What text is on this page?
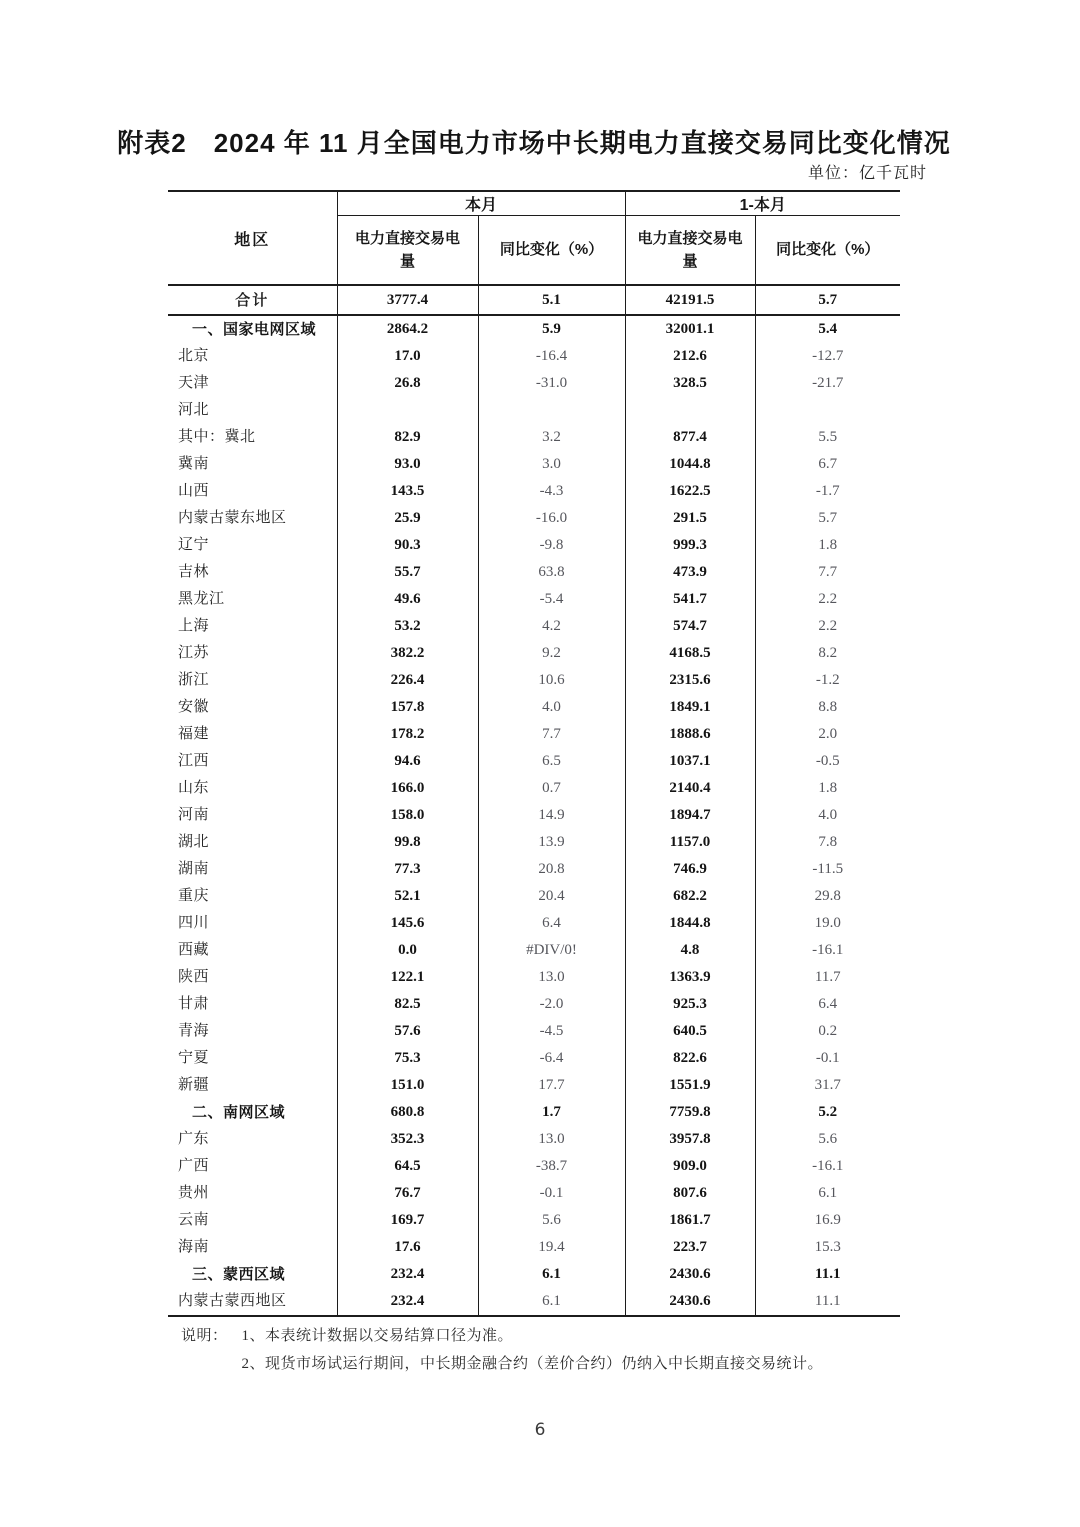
附表2　2024 年 11 月全国电力市场中长期电力直接交易同比变化情况
单位：亿千瓦时
地区	本月		1-本月	
	电力直接交易电量	同比变化（%）	电力直接交易电量	同比变化（%）
合计	3777.4	5.1	42191.5	5.7
一、国家电网区域	2864.2	5.9	32001.1	5.4
北京	17.0	-16.4	212.6	-12.7
天津	26.8	-31.0	328.5	-21.7
河北				
其中：冀北	82.9	3.2	877.4	5.5
冀南	93.0	3.0	1044.8	6.7
山西	143.5	-4.3	1622.5	-1.7
内蒙古蒙东地区	25.9	-16.0	291.5	5.7
辽宁	90.3	-9.8	999.3	1.8
吉林	55.7	63.8	473.9	7.7
黑龙江	49.6	-5.4	541.7	2.2
上海	53.2	4.2	574.7	2.2
江苏	382.2	9.2	4168.5	8.2
浙江	226.4	10.6	2315.6	-1.2
安徽	157.8	4.0	1849.1	8.8
福建	178.2	7.7	1888.6	2.0
江西	94.6	6.5	1037.1	-0.5
山东	166.0	0.7	2140.4	1.8
河南	158.0	14.9	1894.7	4.0
湖北	99.8	13.9	1157.0	7.8
湖南	77.3	20.8	746.9	-11.5
重庆	52.1	20.4	682.2	29.8
四川	145.6	6.4	1844.8	19.0
西藏	0.0	#DIV/0!	4.8	-16.1
陕西	122.1	13.0	1363.9	11.7
甘肃	82.5	-2.0	925.3	6.4
青海	57.6	-4.5	640.5	0.2
宁夏	75.3	-6.4	822.6	-0.1
新疆	151.0	17.7	1551.9	31.7
二、南网区域	680.8	1.7	7759.8	5.2
广东	352.3	13.0	3957.8	5.6
广西	64.5	-38.7	909.0	-16.1
贵州	76.7	-0.1	807.6	6.1
云南	169.7	5.6	1861.7	16.9
海南	17.6	19.4	223.7	15.3
三、蒙西区域	232.4	6.1	2430.6	11.1
内蒙古蒙西地区	232.4	6.1	2430.6	11.1
说明： 1、本表统计数据以交易结算口径为准。
2、现货市场试运行期间，中长期金融合约（差价合约）仍纳入中长期直接交易统计。
6
